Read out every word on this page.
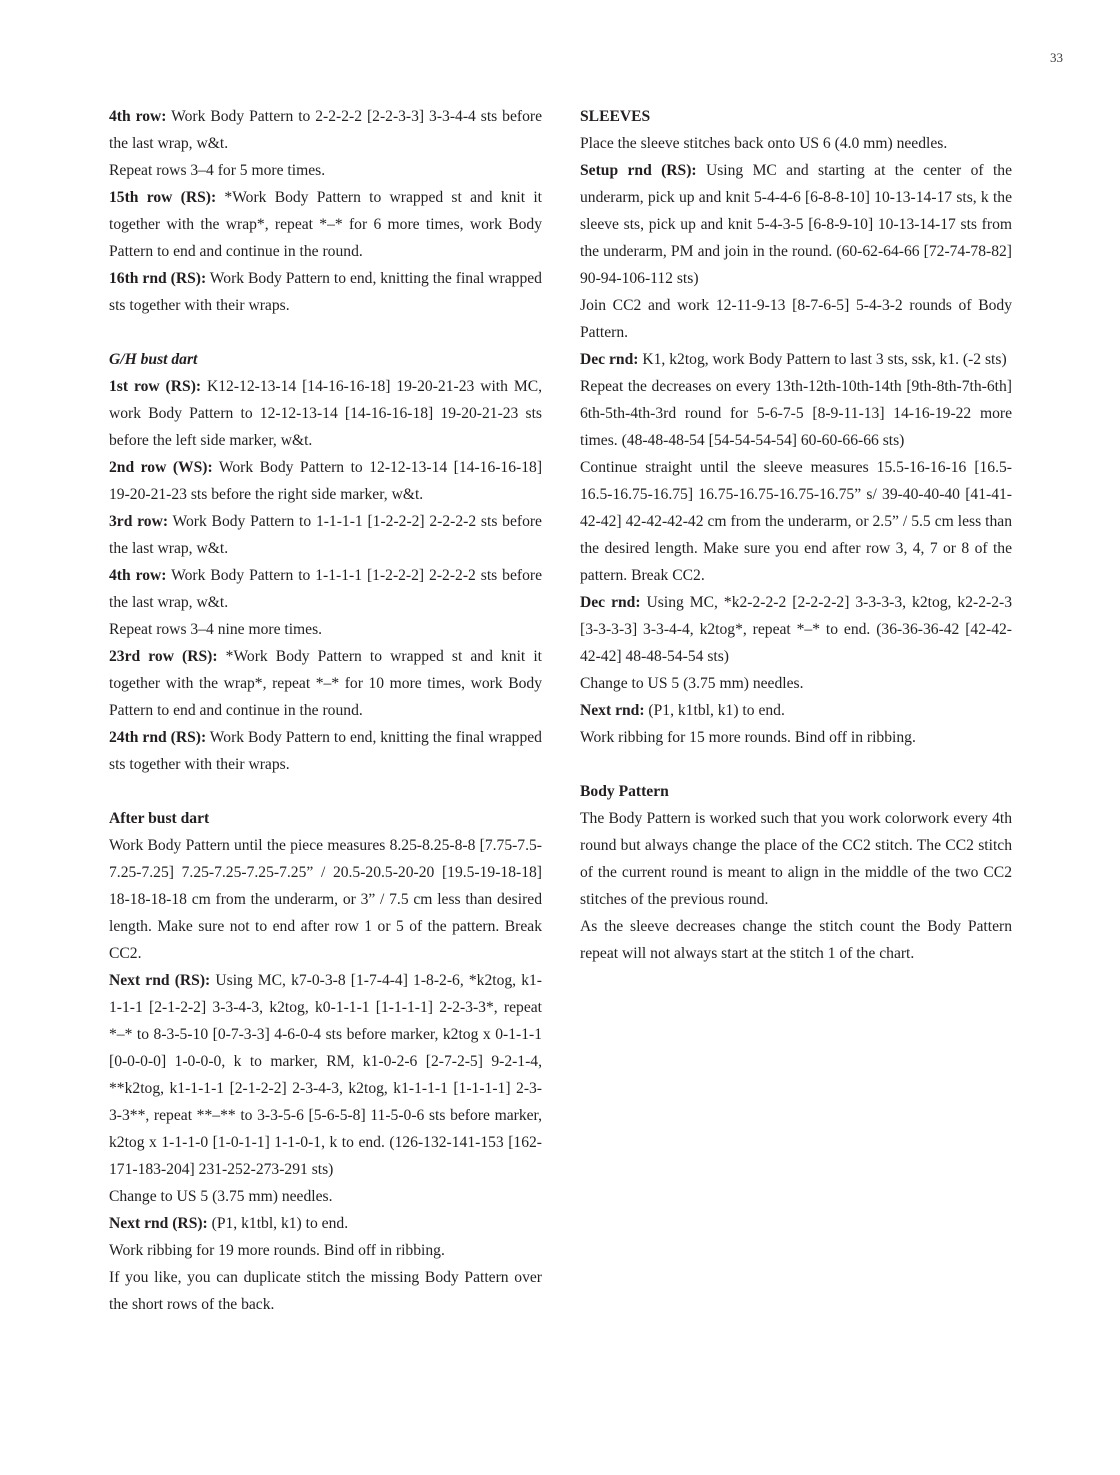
33

4th row: Work Body Pattern to 2-2-2-2 [2-2-3-3] 3-3-4-4 sts before the last wrap, w&t.

Repeat rows 3–4 for 5 more times.

15th row (RS): *Work Body Pattern to wrapped st and knit it together with the wrap*, repeat *–* for 6 more times, work Body Pattern to end and continue in the round.

16th rnd (RS): Work Body Pattern to end, knitting the final wrapped sts together with their wraps.

G/H bust dart

1st row (RS): K12-12-13-14 [14-16-16-18] 19-20-21-23 with MC, work Body Pattern to 12-12-13-14 [14-16-16-18] 19-20-21-23 sts before the left side marker, w&t.

2nd row (WS): Work Body Pattern to 12-12-13-14 [14-16-16-18] 19-20-21-23 sts before the right side marker, w&t.

3rd row: Work Body Pattern to 1-1-1-1 [1-2-2-2] 2-2-2-2 sts before the last wrap, w&t.

4th row: Work Body Pattern to 1-1-1-1 [1-2-2-2] 2-2-2-2 sts before the last wrap, w&t.

Repeat rows 3–4 nine more times.

23rd row (RS): *Work Body Pattern to wrapped st and knit it together with the wrap*, repeat *–* for 10 more times, work Body Pattern to end and continue in the round.

24th rnd (RS): Work Body Pattern to end, knitting the final wrapped sts together with their wraps.

After bust dart

Work Body Pattern until the piece measures 8.25-8.25-8-8 [7.75-7.5-7.25-7.25] 7.25-7.25-7.25-7.25” / 20.5-20.5-20-20 [19.5-19-18-18] 18-18-18-18 cm from the underarm, or 3” / 7.5 cm less than desired length. Make sure not to end after row 1 or 5 of the pattern. Break CC2.

Next rnd (RS): Using MC, k7-0-3-8 [1-7-4-4] 1-8-2-6, *k2tog, k1-1-1-1 [2-1-2-2] 3-3-4-3, k2tog, k0-1-1-1 [1-1-1-1] 2-2-3-3*, repeat *–* to 8-3-5-10 [0-7-3-3] 4-6-0-4 sts before marker, k2tog x 0-1-1-1 [0-0-0-0] 1-0-0-0, k to marker, RM, k1-0-2-6 [2-7-2-5] 9-2-1-4, **k2tog, k1-1-1-1 [2-1-2-2] 2-3-4-3, k2tog, k1-1-1-1 [1-1-1-1] 2-3-3-3**, repeat **–** to 3-3-5-6 [5-6-5-8] 11-5-0-6 sts before marker, k2tog x 1-1-1-0 [1-0-1-1] 1-1-0-1, k to end. (126-132-141-153 [162-171-183-204] 231-252-273-291 sts)

Change to US 5 (3.75 mm) needles.

Next rnd (RS): (P1, k1tbl, k1) to end.

Work ribbing for 19 more rounds. Bind off in ribbing.

If you like, you can duplicate stitch the missing Body Pattern over the short rows of the back.

SLEEVES

Place the sleeve stitches back onto US 6 (4.0 mm) needles.

Setup rnd (RS): Using MC and starting at the center of the underarm, pick up and knit 5-4-4-6 [6-8-8-10] 10-13-14-17 sts, k the sleeve sts, pick up and knit 5-4-3-5 [6-8-9-10] 10-13-14-17 sts from the underarm, PM and join in the round. (60-62-64-66 [72-74-78-82] 90-94-106-112 sts)

Join CC2 and work 12-11-9-13 [8-7-6-5] 5-4-3-2 rounds of Body Pattern.

Dec rnd: K1, k2tog, work Body Pattern to last 3 sts, ssk, k1. (-2 sts)

Repeat the decreases on every 13th-12th-10th-14th [9th-8th-7th-6th] 6th-5th-4th-3rd round for 5-6-7-5 [8-9-11-13] 14-16-19-22 more times. (48-48-48-54 [54-54-54-54] 60-60-66-66 sts)

Continue straight until the sleeve measures 15.5-16-16-16 [16.5-16.5-16.75-16.75] 16.75-16.75-16.75-16.75” s/ 39-40-40-40 [41-41-42-42] 42-42-42-42 cm from the underarm, or 2.5” / 5.5 cm less than the desired length. Make sure you end after row 3, 4, 7 or 8 of the pattern. Break CC2.

Dec rnd: Using MC, *k2-2-2-2 [2-2-2-2] 3-3-3-3, k2tog, k2-2-2-3 [3-3-3-3] 3-3-4-4, k2tog*, repeat *–* to end. (36-36-36-42 [42-42-42-42] 48-48-54-54 sts)

Change to US 5 (3.75 mm) needles.

Next rnd: (P1, k1tbl, k1) to end.

Work ribbing for 15 more rounds. Bind off in ribbing.

Body Pattern

The Body Pattern is worked such that you work colorwork every 4th round but always change the place of the CC2 stitch. The CC2 stitch of the current round is meant to align in the middle of the two CC2 stitches of the previous round.

As the sleeve decreases change the stitch count the Body Pattern repeat will not always start at the stitch 1 of the chart.
